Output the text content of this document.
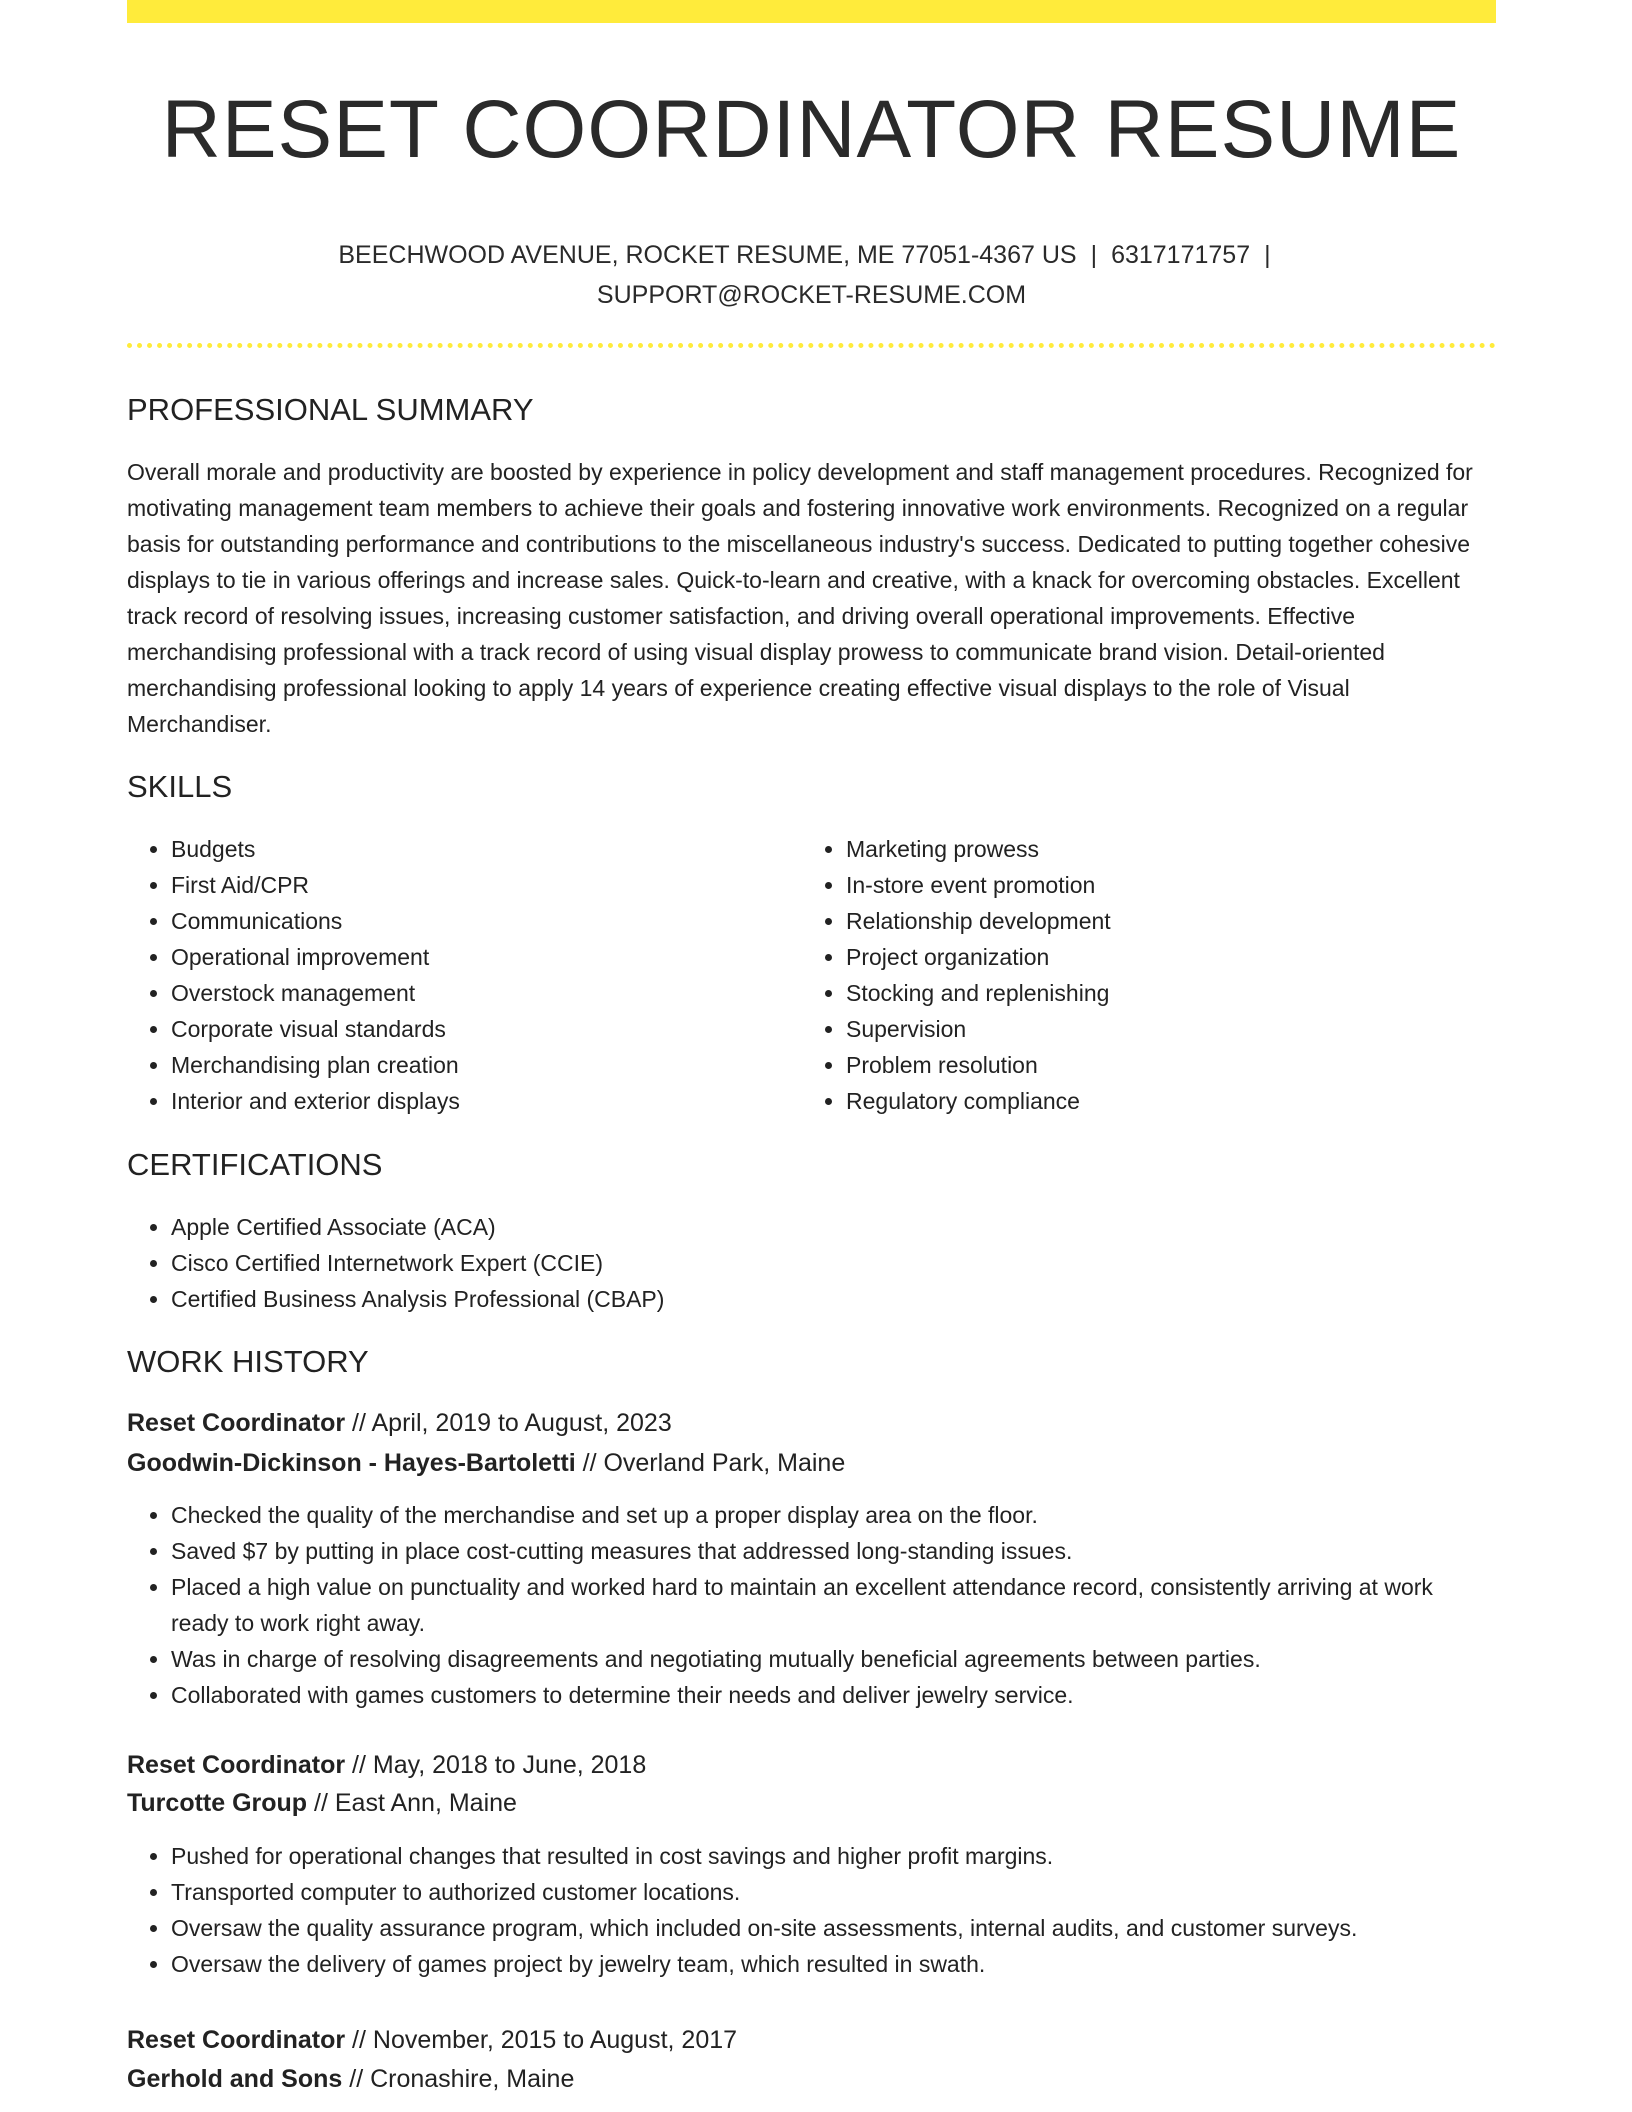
RESET COORDINATOR RESUME
BEECHWOOD AVENUE, ROCKET RESUME, ME 77051-4367 US | 6317171757 |
SUPPORT@ROCKET-RESUME.COM
PROFESSIONAL SUMMARY

Overall morale and productivity are boosted by experience in policy development and staff management procedures. Recognized for motivating management team members to achieve their goals and fostering innovative work environments. Recognized on a regular basis for outstanding performance and contributions to the miscellaneous industry's success. Dedicated to putting together cohesive displays to tie in various offerings and increase sales. Quick-to-learn and creative, with a knack for overcoming obstacles. Excellent track record of resolving issues, increasing customer satisfaction, and driving overall operational improvements. Effective merchandising professional with a track record of using visual display prowess to communicate brand vision. Detail-oriented merchandising professional looking to apply 14 years of experience creating effective visual displays to the role of Visual Merchandiser.

SKILLS
• Budgets
• First Aid/CPR
• Communications
• Operational improvement
• Overstock management
• Corporate visual standards
• Merchandising plan creation
• Interior and exterior displays
• Marketing prowess
• In-store event promotion
• Relationship development
• Project organization
• Stocking and replenishing
• Supervision
• Problem resolution
• Regulatory compliance
CERTIFICATIONS
• Apple Certified Associate (ACA)
• Cisco Certified Internetwork Expert (CCIE)
• Certified Business Analysis Professional (CBAP)
WORK HISTORY
Reset Coordinator // April, 2019 to August, 2023
Goodwin-Dickinson - Hayes-Bartoletti // Overland Park, Maine
• Checked the quality of the merchandise and set up a proper display area on the floor.
• Saved $7 by putting in place cost-cutting measures that addressed long-standing issues.
• Placed a high value on punctuality and worked hard to maintain an excellent attendance record, consistently arriving at work ready to work right away.
• Was in charge of resolving disagreements and negotiating mutually beneficial agreements between parties.
• Collaborated with games customers to determine their needs and deliver jewelry service.
Reset Coordinator // May, 2018 to June, 2018
Turcotte Group // East Ann, Maine
• Pushed for operational changes that resulted in cost savings and higher profit margins.
• Transported computer to authorized customer locations.
• Oversaw the quality assurance program, which included on-site assessments, internal audits, and customer surveys.
• Oversaw the delivery of games project by jewelry team, which resulted in swath.
Reset Coordinator // November, 2015 to August, 2017
Gerhold and Sons // Cronashire, Maine
